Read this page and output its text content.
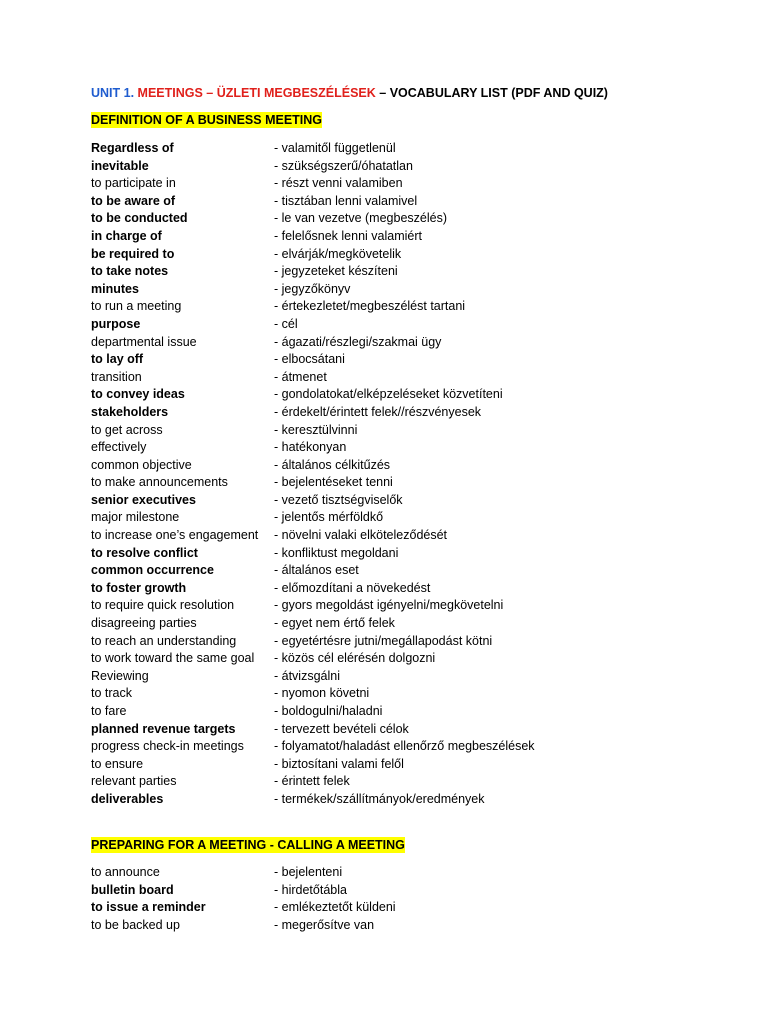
UNIT 1. MEETINGS – ÜZLETI MEGBESZÉLÉSEK – VOCABULARY LIST (PDF AND QUIZ)
DEFINITION OF A BUSINESS MEETING
Regardless of	- valamitől függetlenül
inevitable	- szükségszerű/óhatatlan
to participate in	- részt venni valamiben
to be aware of	- tisztában lenni valamivel
to be conducted	- le van vezetve (megbeszélés)
in charge of	- felelősnek lenni valamiért
be required to	- elvárják/megkövetelik
to take notes	- jegyzeteket készíteni
minutes	- jegyzőkönyv
to run a meeting	- értekezletet/megbeszélést tartani
purpose	- cél
departmental issue	- ágazati/részlegi/szakmai ügy
to lay off	- elbocsátani
transition	- átmenet
to convey ideas	- gondolatokat/elképzeléseket közvetíteni
stakeholders	- érdekelt/érintett felek//részvényesek
to get across	- keresztülvinni
effectively	- hatékonyan
common objective	- általános célkitűzés
to make announcements	- bejelentéseket tenni
senior executives	- vezető tisztségviselők
major milestone	- jelentős mérföldkő
to increase one’s engagement	- növelni valaki elköteleződését
to resolve conflict	- konfliktust megoldani
common occurrence	- általános eset
to foster growth	- előmozdítani a növekedést
to require quick resolution	- gyors megoldást igényelni/megkövetelni
disagreeing parties	- egyet nem értő felek
to reach an understanding	- egyetértésre jutni/megállapodást kötni
to work toward the same goal	- közös cél elérésén dolgozni
Reviewing	- átvizsgálni
to track	- nyomon követni
to fare	- boldogulni/haladni
planned revenue targets	- tervezett bevételi célok
progress check-in meetings	- folyamatot/haladást ellenőrző megbeszélések
to ensure	- biztosítani valami felől
relevant parties	- érintett felek
deliverables	- termékek/szállítmányok/eredmények
PREPARING FOR A MEETING - CALLING A MEETING
to announce	- bejelenteni
bulletin board	- hirdetőtábla
to issue a reminder	- emlékeztetőt küldeni
to be backed up	- megerősítve van
